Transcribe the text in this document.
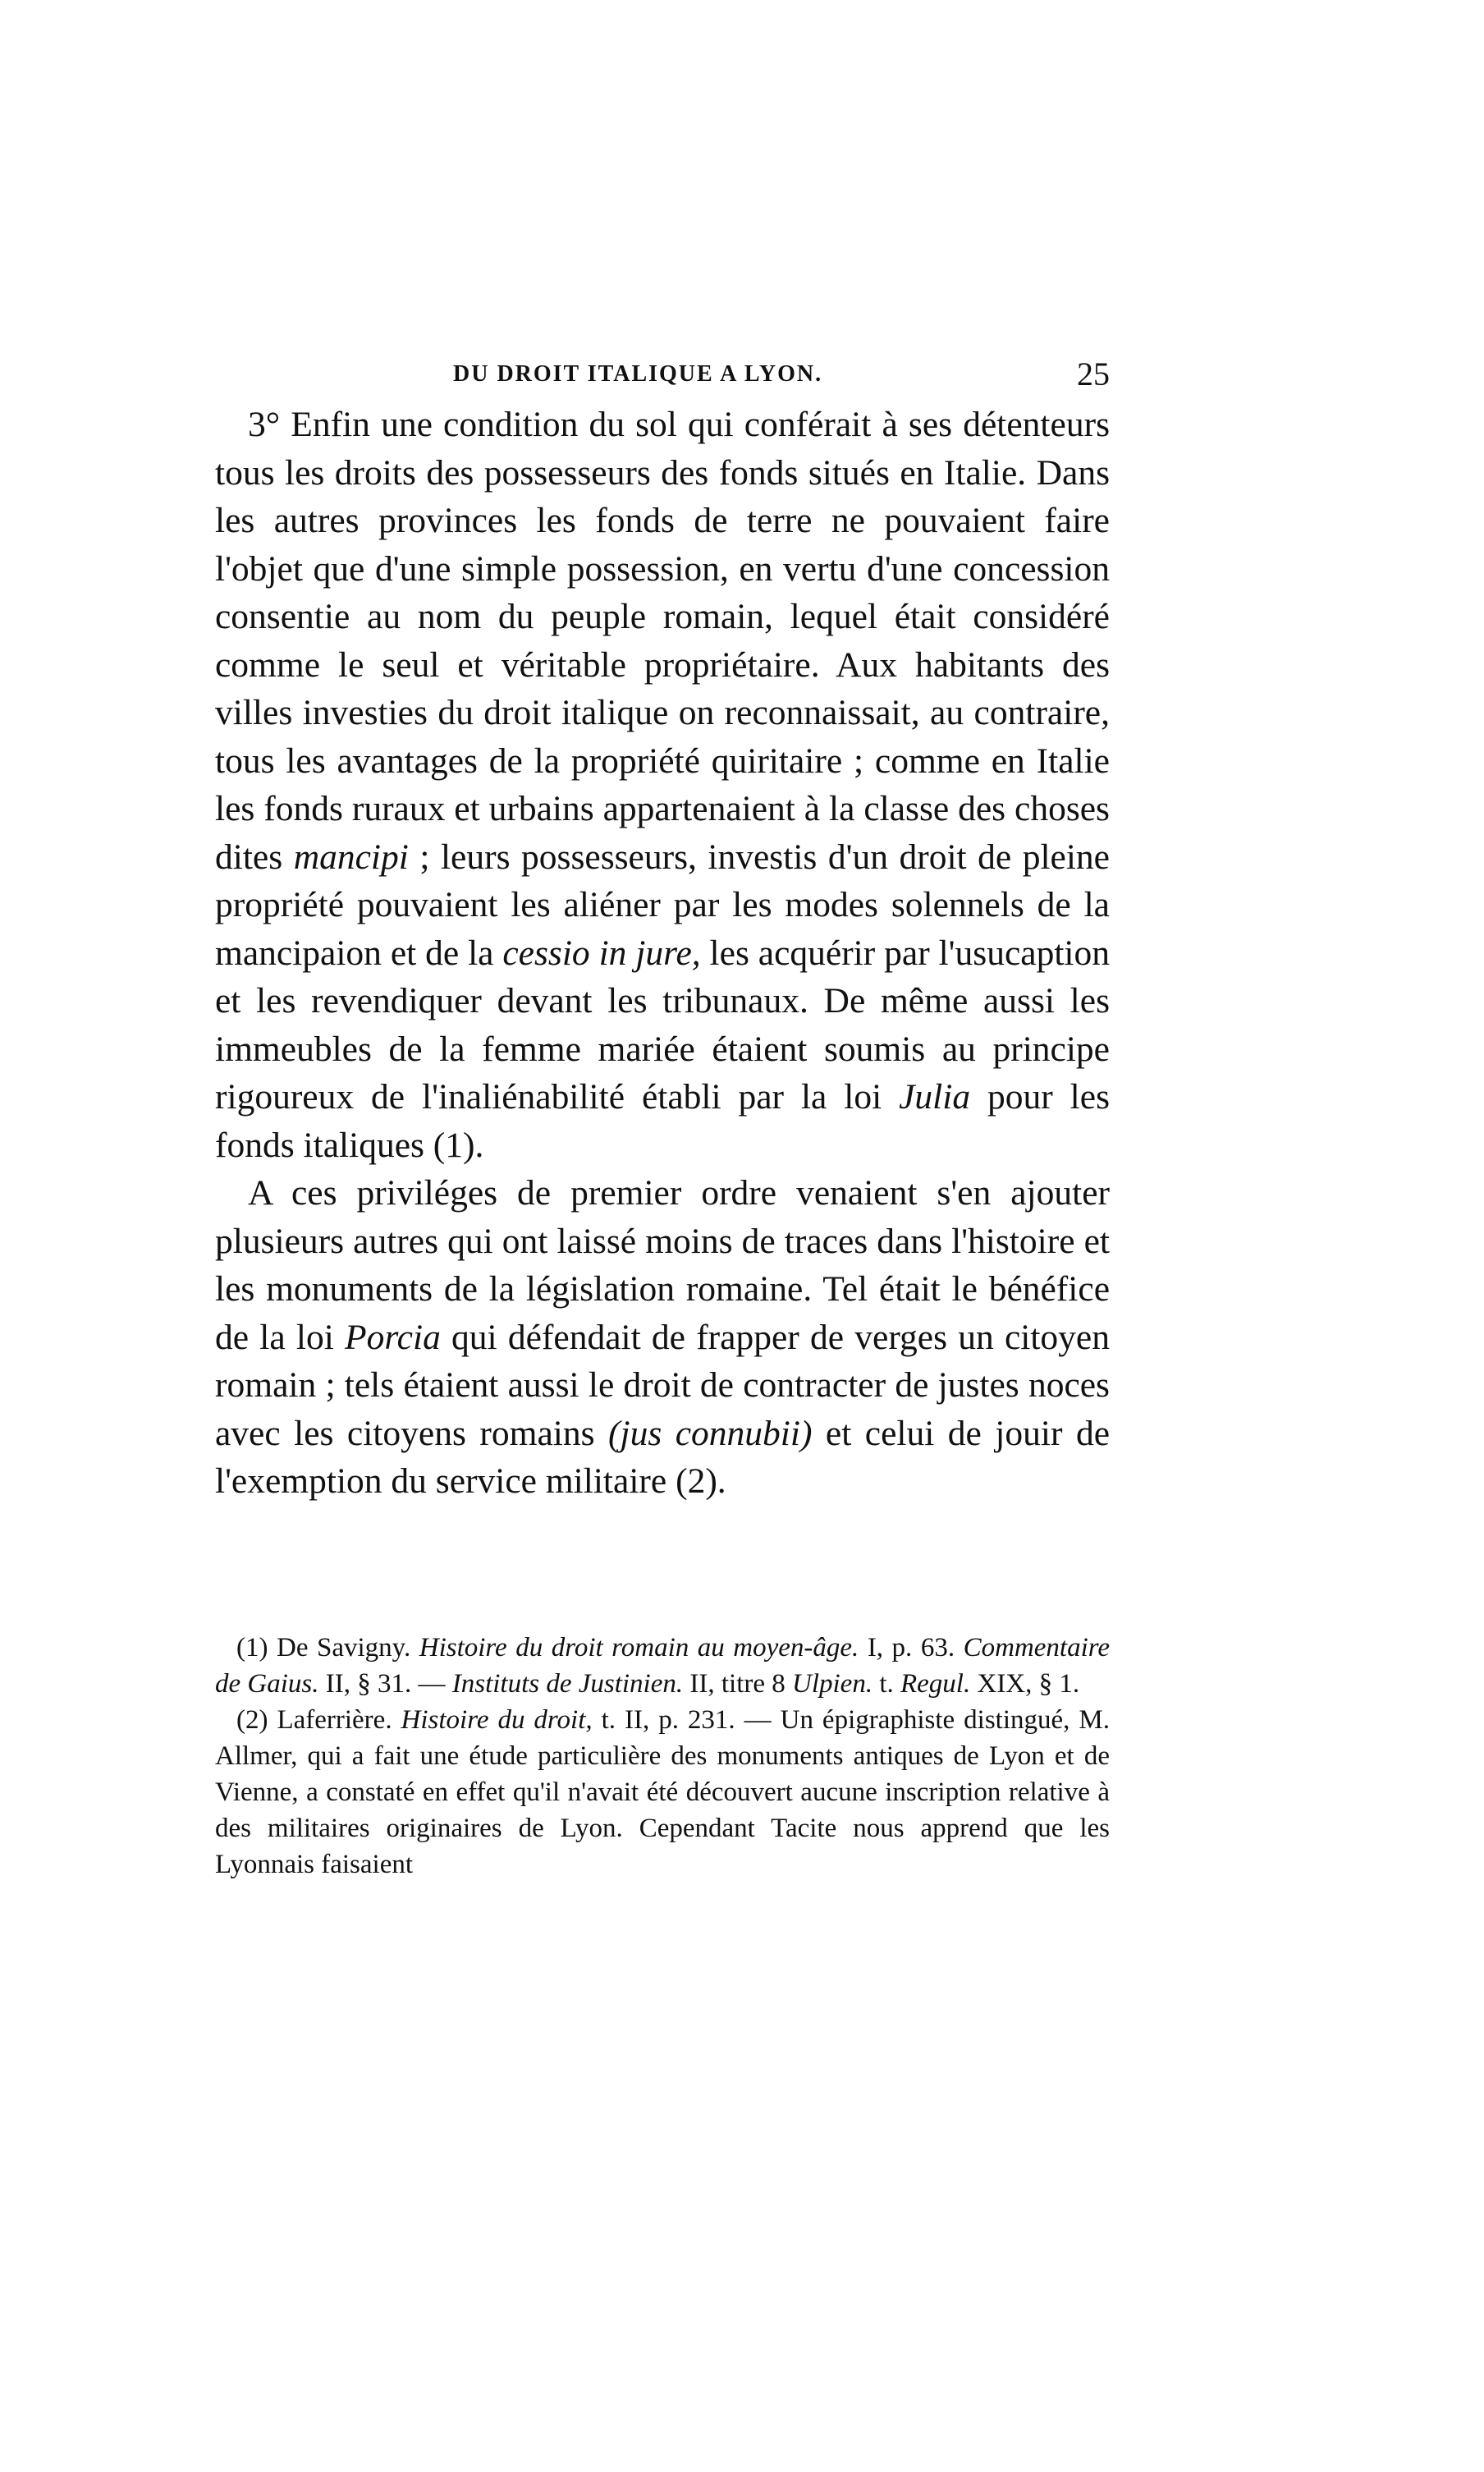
DU DROIT ITALIQUE A LYON.	25

3° Enfin une condition du sol qui conférait à ses détenteurs tous les droits des possesseurs des fonds situés en Italie. Dans les autres provinces les fonds de terre ne pouvaient faire l'objet que d'une simple possession, en vertu d'une concession consentie au nom du peuple romain, lequel était considéré comme le seul et véritable propriétaire. Aux habitants des villes investies du droit italique on reconnaissait, au contraire, tous les avantages de la propriété quiritaire ; comme en Italie les fonds ruraux et urbains appartenaient à la classe des choses dites mancipi ; leurs possesseurs, investis d'un droit de pleine propriété pouvaient les aliéner par les modes solennels de la mancipaion et de la cessio in jure, les acquérir par l'usucaption et les revendiquer devant les tribunaux. De même aussi les immeubles de la femme mariée étaient soumis au principe rigoureux de l'inaliénabilité établi par la loi Julia pour les fonds italiques (1).

A ces priviléges de premier ordre venaient s'en ajouter plusieurs autres qui ont laissé moins de traces dans l'histoire et les monuments de la législation romaine. Tel était le bénéfice de la loi Porcia qui défendait de frapper de verges un citoyen romain ; tels étaient aussi le droit de contracter de justes noces avec les citoyens romains (jus connubii) et celui de jouir de l'exemption du service militaire (2).

(1) De Savigny. Histoire du droit romain au moyen-âge. I, p. 63. Commentaire de Gaius. II, § 31. — Instituts de Justinien. II, titre 8 Ulpien. t. Regul. XIX, § 1.

(2) Laferrière. Histoire du droit, t. II, p. 231. — Un épigraphiste distingué, M. Allmer, qui a fait une étude particulière des monuments antiques de Lyon et de Vienne, a constaté en effet qu'il n'avait été découvert aucune inscription relative à des militaires originaires de Lyon. Cependant Tacite nous apprend que les Lyonnais faisaient
